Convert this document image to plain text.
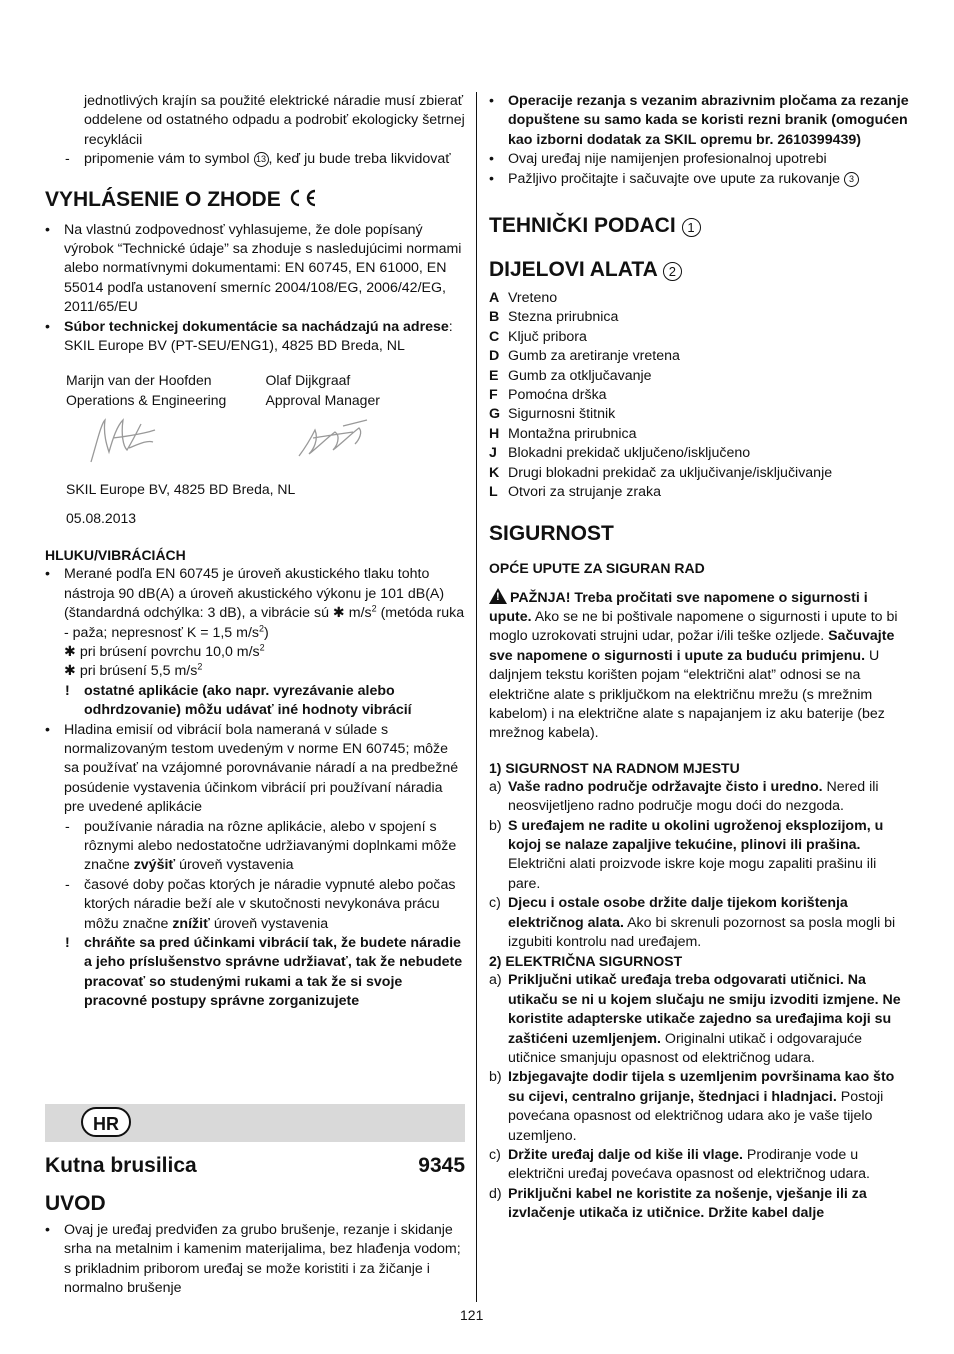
jednotlivých krajín sa použité elektrické náradie musí zbierať oddelene od ostatného odpadu a podrobiť ekologicky šetrnej recyklácii

- pripomenie vám to symbol 13 , keď ju bude treba likvidovať

VYHLÁSENIE O ZHODE

• Na vlastnú zodpovednosť vyhlasujeme, že dole popísaný výrobok “Technické údaje” sa zhoduje s nasledujúcimi normami alebo normatívnymi dokumentami: EN 60745, EN 61000, EN 55014 podľa ustanovení smerníc 2004/108/EG, 2006/42/EG, 2011/65/EU

• Súbor technickej dokumentácie sa nachádzajú na adrese: SKIL Europe BV (PT-SEU/ENG1), 4825 BD Breda, NL

Marijn van der Hoofden
Operations & Engineering
Olaf Dijkgraaf
Approval Manager

SKIL Europe BV, 4825 BD Breda, NL

05.08.2013

HLUKU/VIBRÁCIÁCH

• Merané podľa EN 60745 je úroveň akustického tlaku tohto nástroja 90 dB(A) a úroveň akustického výkonu je 101 dB(A) (štandardná odchýlka: 3 dB), a vibrácie sú ✱ $m/s^2$ (metóda ruka - paža; nepresnosť K = 1,5 $m/s^2$)

✱ pri brúsení povrchu 10,0 $m/s^2$

✱ pri brúsení 5,5 $m/s^2$

! ostatné aplikácie (ako napr. vyrezávanie alebo odhrdzovanie) môžu udávať iné hodnoty vibrácií

• Hladina emisií od vibrácií bola nameraná v súlade s normalizovaným testom uvedeným v norme EN 60745; môže sa používať na vzájomné porovnávanie náradí a na predbežné posúdenie vystavenia účinkom vibrácií pri používaní náradia pre uvedené aplikácie

- používanie náradia na rôzne aplikácie, alebo v spojení s rôznymi alebo nedostatočne udržiavanými doplnkami môže značne zvýšiť úroveň vystavenia

- časové doby počas ktorých je náradie vypnuté alebo počas ktorých náradie beží ale v skutočnosti nevykonáva prácu môžu značne znížiť úroveň vystavenia

! chráňte sa pred účinkami vibrácií tak, že budete náradie a jeho príslušenstvo správne udržiavať, tak že nebudete pracovať so studenými rukami a tak že si svoje pracovné postupy správne zorganizujete

HR
Kutna brusilica	9345
UVOD

• Ovaj je uređaj predviđen za grubo brušenje, rezanje i skidanje srha na metalnim i kamenim materijalima, bez hlađenja vodom; s prikladnim priborom uređaj se može koristiti i za žičanje i normalno brušenje

• Operacije rezanja s vezanim abrazivnim pločama za rezanje dopuštene su samo kada se koristi rezni branik (omogućen kao izborni dodatak za SKIL opremu br. 2610399439)

• Ovaj uređaj nije namijenjen profesionalnoj upotrebi

• Pažljivo pročitajte i sačuvajte ove upute za rukovanje 3

TEHNIČKI PODACI 1
DIJELOVI ALATA 2

A Vreteno

B Stezna prirubnica

C Ključ pribora

D Gumb za aretiranje vretena

E Gumb za otključavanje

F Pomoćna drška

G Sigurnosni štitnik

H Montažna prirubnica

J Blokadni prekidač uključeno/isključeno

K Drugi blokadni prekidač za uključivanje/isključivanje

L Otvori za strujanje zraka

SIGURNOST

OPĆE UPUTE ZA SIGURAN RAD

!PAŽNJA! Treba pročitati sve napomene o sigurnosti i upute. Ako se ne bi poštivale napomene o sigurnosti i upute to bi moglo uzrokovati strujni udar, požar i/ili teške ozljede. Sačuvajte sve napomene o sigurnosti i upute za buduću primjenu. U daljnjem tekstu korišten pojam “električni alat” odnosi se na električne alate s priključkom na električnu mrežu (s mrežnim kabelom) i na električne alate s napajanjem iz aku baterije (bez mrežnog kabela).

1) SIGURNOST NA RADNOM MJESTU

a) Vaše radno područje održavajte čisto i uredno. Nered ili neosvijetljeno radno područje mogu doći do nezgoda.

b) S uređajem ne radite u okolini ugroženoj eksplozijom, u kojoj se nalaze zapaljive tekućine, plinovi ili prašina. Električni alati proizvode iskre koje mogu zapaliti prašinu ili pare.

c) Djecu i ostale osobe držite dalje tijekom korištenja električnog alata. Ako bi skrenuli pozornost sa posla mogli bi izgubiti kontrolu nad uređajem.

2) ELEKTRIČNA SIGURNOST

a) Priključni utikač uređaja treba odgovarati utičnici. Na utikaču se ni u kojem slučaju ne smiju izvoditi izmjene. Ne koristite adapterske utikače zajedno sa uređajima koji su zaštićeni uzemljenjem. Originalni utikač i odgovarajuće utičnice smanjuju opasnost od električnog udara.

b) Izbjegavajte dodir tijela s uzemljenim površinama kao što su cijevi, centralno grijanje, štednjaci i hladnjaci. Postoji povećana opasnost od električnog udara ako je vaše tijelo uzemljeno.

c) Držite uređaj dalje od kiše ili vlage. Prodiranje vode u električni uređaj povećava opasnost od električnog udara.

d) Priključni kabel ne koristite za nošenje, vješanje ili za izvlačenje utikača iz utičnice. Držite kabel dalje

121
